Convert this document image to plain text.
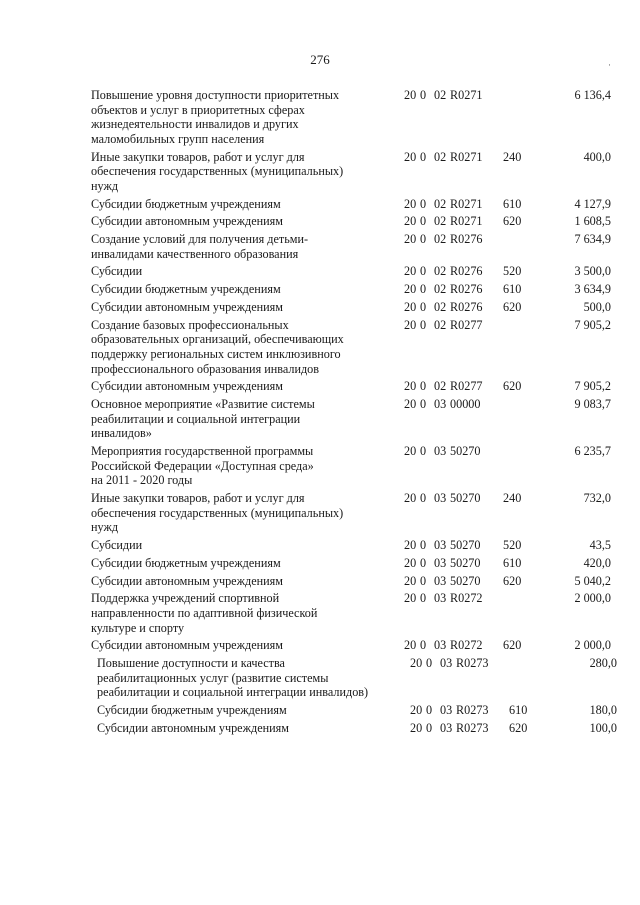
276	·
Повышение уровня доступности приоритетных
объектов и услуг в приоритетных сферах
жизнедеятельности инвалидов и других
маломобильных групп населения
20 0 02 R0271	6 136,4
Иные закупки товаров, работ и услуг для
обеспечения государственных (муниципальных)
нужд
20 0 02 R0271	240	400,0
Субсидии бюджетным учреждениям	20 0 02 R0271	610	4 127,9
Субсидии автономным учреждениям	20 0 02 R0271	620	1 608,5
Создание условий для получения детьми-
инвалидами качественного образования
20 0 02 R0276	7 634,9
Субсидии	20 0 02 R0276	520	3 500,0
Субсидии бюджетным учреждениям	20 0 02 R0276	610	3 634,9
Субсидии автономным учреждениям	20 0 02 R0276	620	500,0
Создание базовых профессиональных
образовательных организаций, обеспечивающих
поддержку региональных систем инклюзивного
профессионального образования инвалидов
20 0 02 R0277	7 905,2
Субсидии автономным учреждениям	20 0 02 R0277	620	7 905,2
Основное мероприятие «Развитие системы
реабилитации и социальной интеграции
инвалидов»
20 0 03 00000	9 083,7
Мероприятия государственной программы
Российской Федерации «Доступная среда»
на 2011 - 2020 годы
20 0 03 50270	6 235,7
Иные закупки товаров, работ и услуг для
обеспечения государственных (муниципальных)
нужд
20 0 03 50270	240	732,0
Субсидии	20 0 03 50270	520	43,5
Субсидии бюджетным учреждениям	20 0 03 50270	610	420,0
Субсидии автономным учреждениям	20 0 03 50270	620	5 040,2
Поддержка учреждений спортивной
направленности по адаптивной физической
культуре и спорту
20 0 03 R0272	2 000,0
Субсидии автономным учреждениям	20 0 03 R0272	620	2 000,0
Повышение доступности и качества
реабилитационных услуг (развитие системы
реабилитации и социальной интеграции инвалидов)
20 0 03 R0273	280,0
Субсидии бюджетным учреждениям	20 0 03 R0273	610	180,0
Субсидии автономным учреждениям	20 0 03 R0273	620	100,0
